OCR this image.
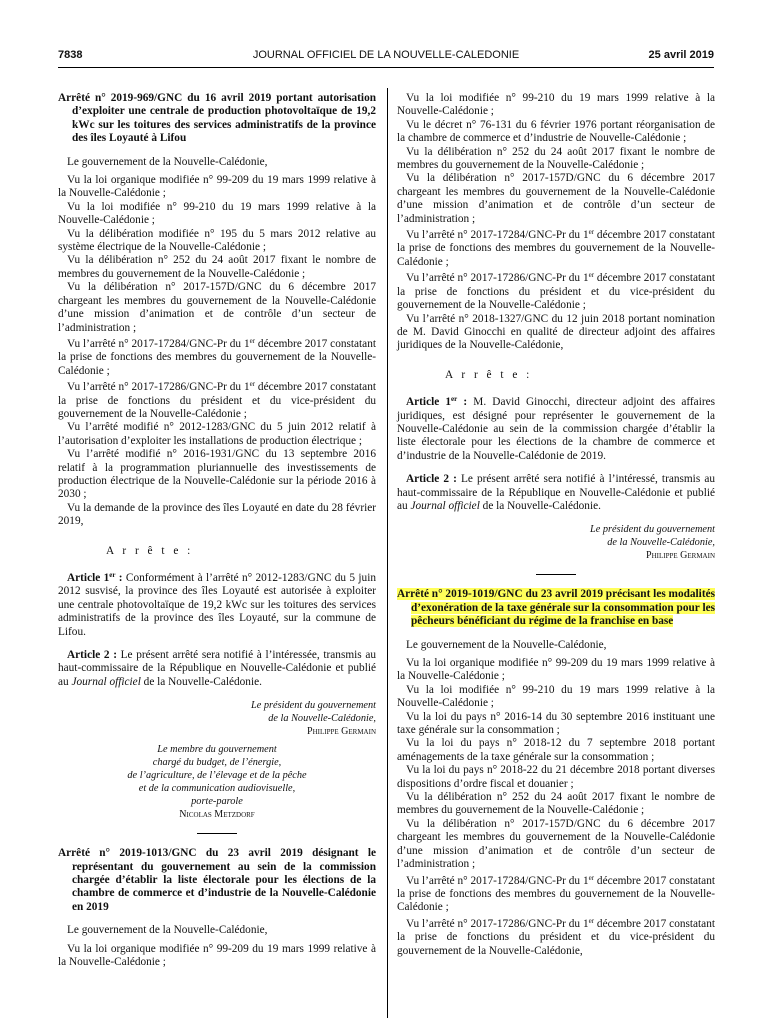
7838	JOURNAL OFFICIEL DE LA NOUVELLE-CALEDONIE	25 avril 2019

Arrêté n° 2019-969/GNC du 16 avril 2019 portant autorisation d’exploiter une centrale de production photovoltaïque de 19,2 kWc sur les toitures des services administratifs de la province des îles Loyauté à Lifou

Le gouvernement de la Nouvelle-Calédonie,

Vu la loi organique modifiée n° 99-209 du 19 mars 1999 relative à la Nouvelle-Calédonie ;

Vu la loi modifiée n° 99-210 du 19 mars 1999 relative à la Nouvelle-Calédonie ;

Vu la délibération modifiée n° 195 du 5 mars 2012 relative au système électrique de la Nouvelle-Calédonie ;

Vu la délibération n° 252 du 24 août 2017 fixant le nombre de membres du gouvernement de la Nouvelle-Calédonie ;

Vu la délibération n° 2017-157D/GNC du 6 décembre 2017 chargeant les membres du gouvernement de la Nouvelle-Calédonie d’une mission d’animation et de contrôle d’un secteur de l’administration ;

Vu l’arrêté n° 2017-17284/GNC-Pr du 1er décembre 2017 constatant la prise de fonctions des membres du gouvernement de la Nouvelle-Calédonie ;

Vu l’arrêté n° 2017-17286/GNC-Pr du 1er décembre 2017 constatant la prise de fonctions du président et du vice-président du gouvernement de la Nouvelle-Calédonie ;

Vu l’arrêté modifié n° 2012-1283/GNC du 5 juin 2012 relatif à l’autorisation d’exploiter les installations de production électrique ;

Vu l’arrêté modifié n° 2016-1931/GNC du 13 septembre 2016 relatif à la programmation pluriannuelle des investissements de production électrique de la Nouvelle-Calédonie sur la période 2016 à 2030 ;

Vu la demande de la province des îles Loyauté en date du 28 février 2019,

A r r ê t e :

Article 1er : Conformément à l’arrêté n° 2012-1283/GNC du 5 juin 2012 susvisé, la province des îles Loyauté est autorisée à exploiter une centrale photovoltaïque de 19,2 kWc sur les toitures des services administratifs de la province des îles Loyauté, sur la commune de Lifou.

Article 2 : Le présent arrêté sera notifié à l’intéressée, transmis au haut-commissaire de la République en Nouvelle-Calédonie et publié au Journal officiel de la Nouvelle-Calédonie.

Le président du gouvernement
de la Nouvelle-Calédonie,
Philippe Germain

Le membre du gouvernement
chargé du budget, de l’énergie,
de l’agriculture, de l’élevage et de la pêche
et de la communication audiovisuelle,
porte-parole
Nicolas Metzdorf

Arrêté n° 2019-1013/GNC du 23 avril 2019 désignant le représentant du gouvernement au sein de la commission chargée d’établir la liste électorale pour les élections de la chambre de commerce et d’industrie de la Nouvelle-Calédonie en 2019

Le gouvernement de la Nouvelle-Calédonie,

Vu la loi organique modifiée n° 99-209 du 19 mars 1999 relative à la Nouvelle-Calédonie ;

Vu la loi modifiée n° 99-210 du 19 mars 1999 relative à la Nouvelle-Calédonie ;

Vu le décret n° 76-131 du 6 février 1976 portant réorganisation de la chambre de commerce et d’industrie de Nouvelle-Calédonie ;

Vu la délibération n° 252 du 24 août 2017 fixant le nombre de membres du gouvernement de la Nouvelle-Calédonie ;

Vu la délibération n° 2017-157D/GNC du 6 décembre 2017 chargeant les membres du gouvernement de la Nouvelle-Calédonie d’une mission d’animation et de contrôle d’un secteur de l’administration ;

Vu l’arrêté n° 2017-17284/GNC-Pr du 1er décembre 2017 constatant la prise de fonctions des membres du gouvernement de la Nouvelle-Calédonie ;

Vu l’arrêté n° 2017-17286/GNC-Pr du 1er décembre 2017 constatant la prise de fonctions du président et du vice-président du gouvernement de la Nouvelle-Calédonie ;

Vu l’arrêté n° 2018-1327/GNC du 12 juin 2018 portant nomination de M. David Ginocchi en qualité de directeur adjoint des affaires juridiques de la Nouvelle-Calédonie,

A r r ê t e :

Article 1er : M. David Ginocchi, directeur adjoint des affaires juridiques, est désigné pour représenter le gouvernement de la Nouvelle-Calédonie au sein de la commission chargée d’établir la liste électorale pour les élections de la chambre de commerce et d’industrie de la Nouvelle-Calédonie de 2019.

Article 2 : Le présent arrêté sera notifié à l’intéressé, transmis au haut-commissaire de la République en Nouvelle-Calédonie et publié au Journal officiel de la Nouvelle-Calédonie.

Le président du gouvernement
de la Nouvelle-Calédonie,
Philippe Germain

Arrêté n° 2019-1019/GNC du 23 avril 2019 précisant les modalités d’exonération de la taxe générale sur la consommation pour les pêcheurs bénéficiant du régime de la franchise en base

Le gouvernement de la Nouvelle-Calédonie,

Vu la loi organique modifiée n° 99-209 du 19 mars 1999 relative à la Nouvelle-Calédonie ;

Vu la loi modifiée n° 99-210 du 19 mars 1999 relative à la Nouvelle-Calédonie ;

Vu la loi du pays n° 2016-14 du 30 septembre 2016 instituant une taxe générale sur la consommation ;

Vu la loi du pays n° 2018-12 du 7 septembre 2018 portant aménagements de la taxe générale sur la consommation ;

Vu la loi du pays n° 2018-22 du 21 décembre 2018 portant diverses dispositions d’ordre fiscal et douanier ;

Vu la délibération n° 252 du 24 août 2017 fixant le nombre de membres du gouvernement de la Nouvelle-Calédonie ;

Vu la délibération n° 2017-157D/GNC du 6 décembre 2017 chargeant les membres du gouvernement de la Nouvelle-Calédonie d’une mission d’animation et de contrôle d’un secteur de l’administration ;

Vu l’arrêté n° 2017-17284/GNC-Pr du 1er décembre 2017 constatant la prise de fonctions des membres du gouvernement de la Nouvelle-Calédonie ;

Vu l’arrêté n° 2017-17286/GNC-Pr du 1er décembre 2017 constatant la prise de fonctions du président et du vice-président du gouvernement de la Nouvelle-Calédonie,
